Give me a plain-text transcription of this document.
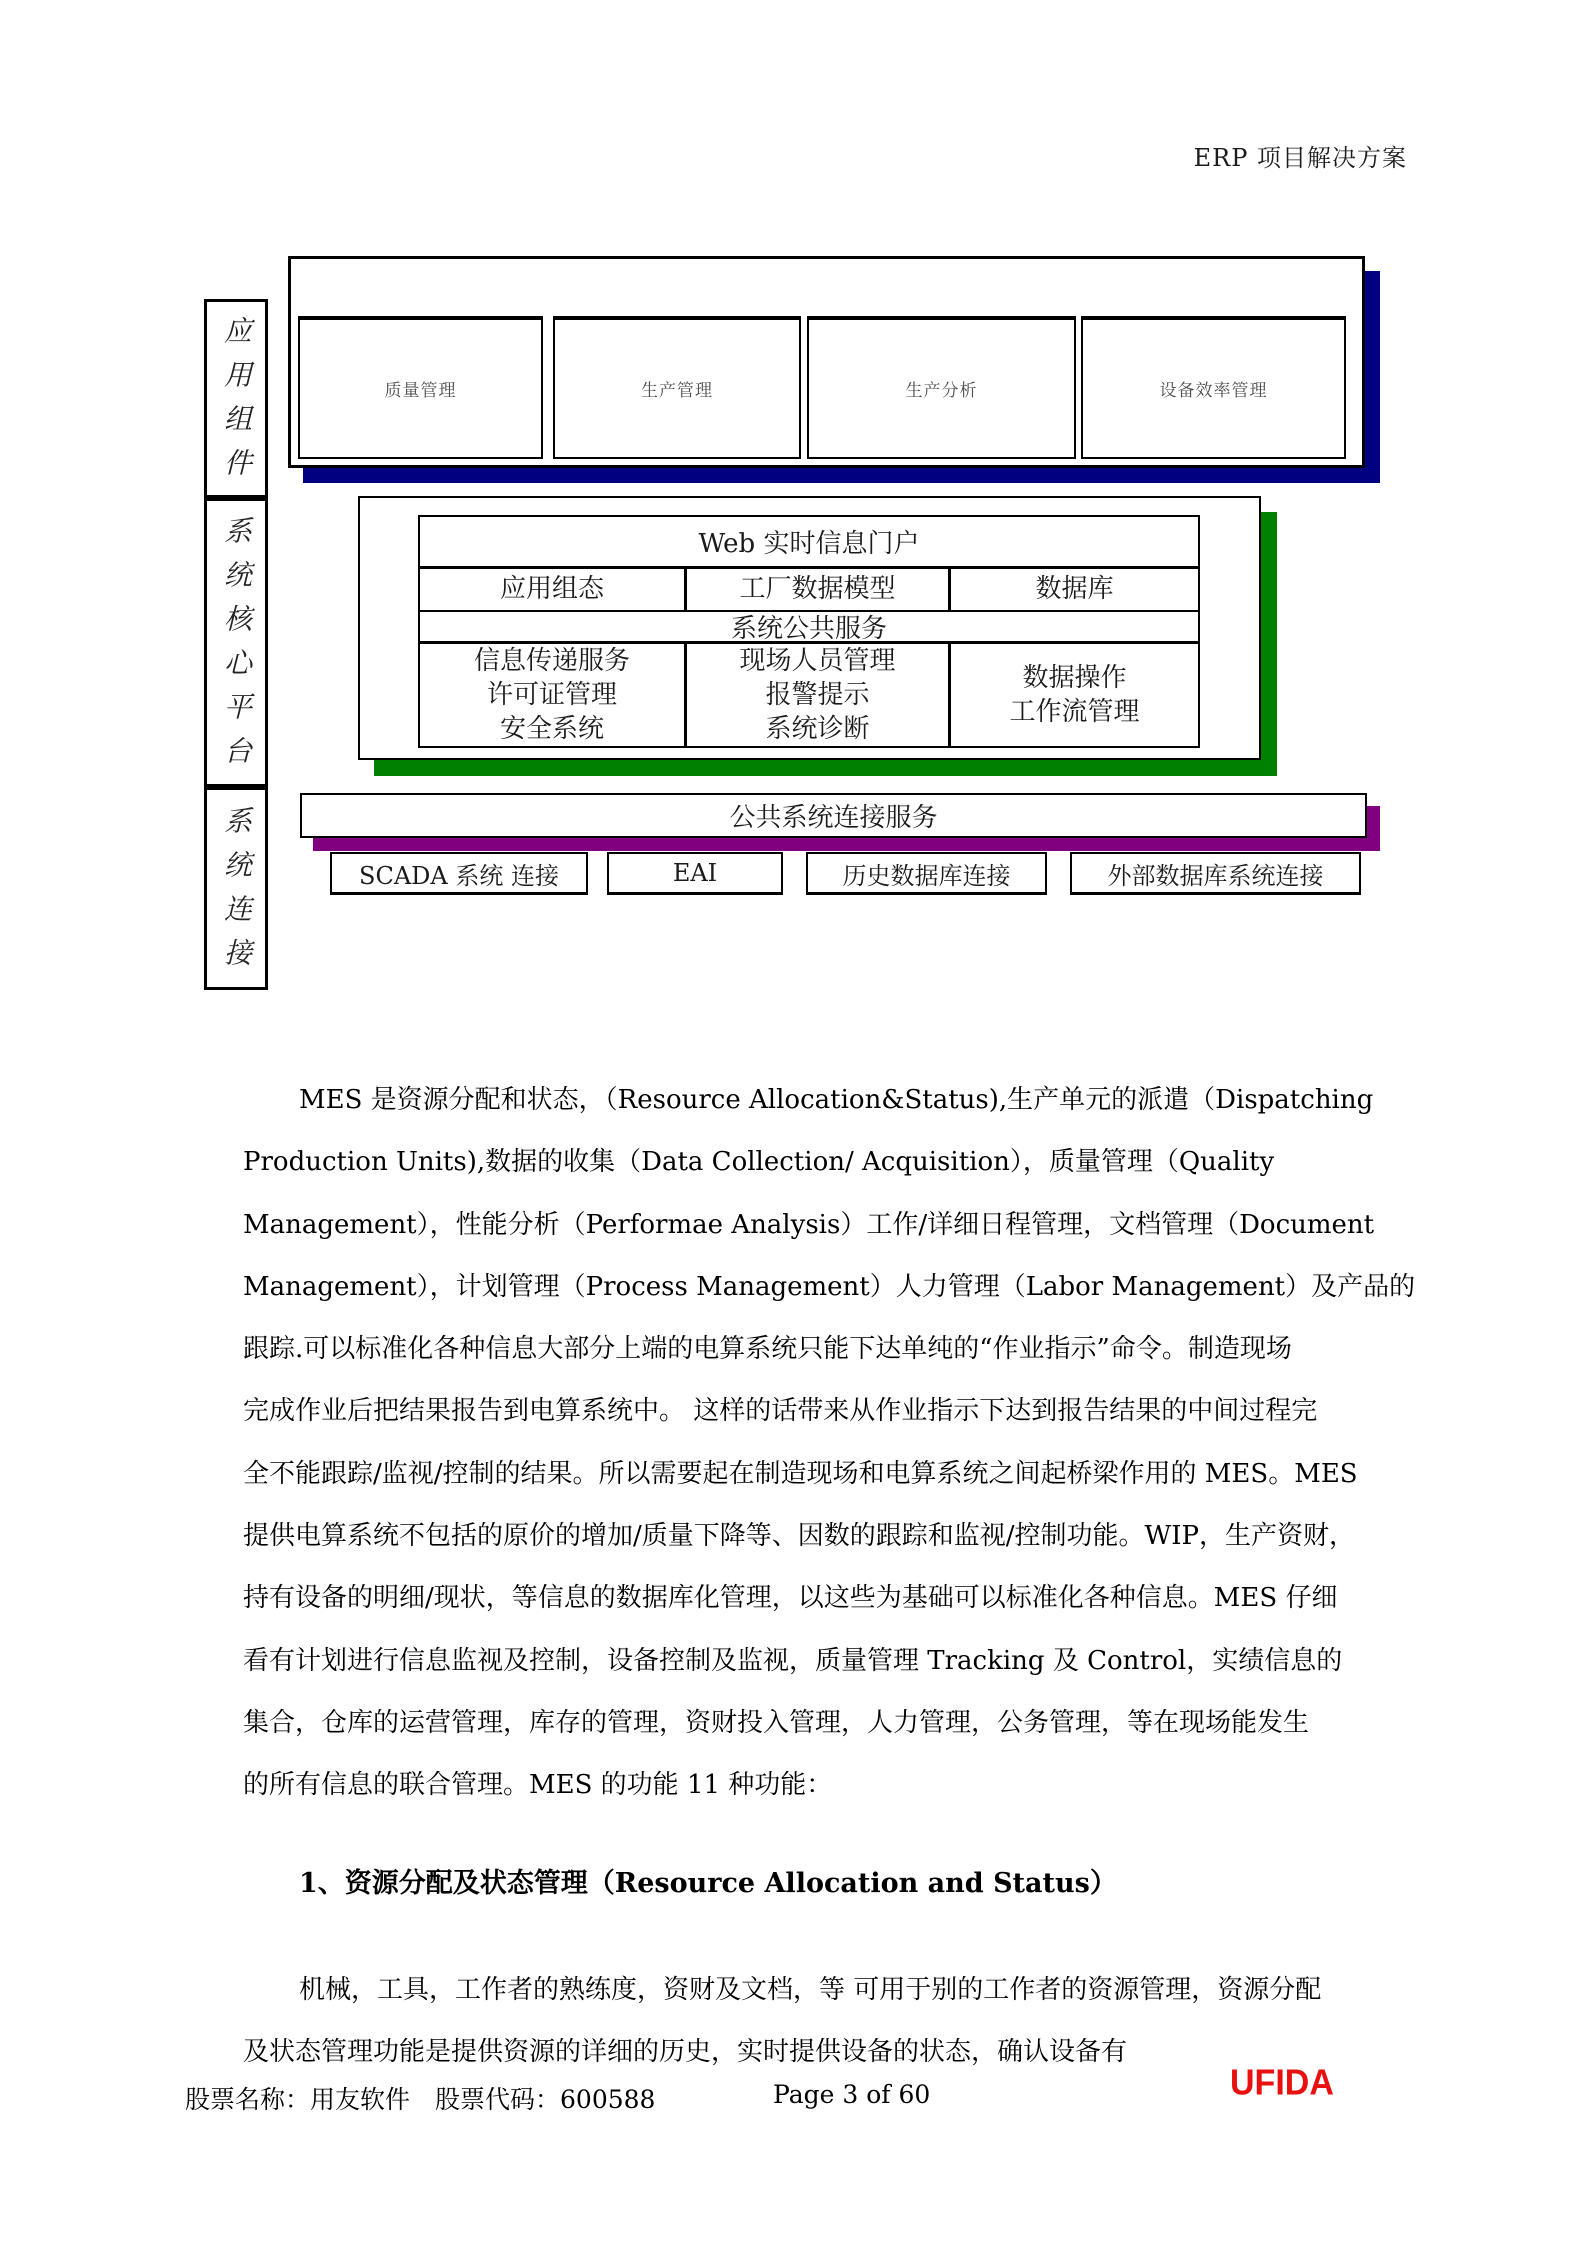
ERP 项目解决方案
应用组件
系统核心平台
系统连接
质量管理	生产管理	生产分析	设备效率管理
Web 实时信息门户
应用组态	工厂数据模型	数据库
系统公共服务
信息传递服务
许可证管理
安全系统
现场人员管理
报警提示
系统诊断
数据操作
工作流管理
公共系统连接服务
SCADA 系统 连接	EAI	历史数据库连接	外部数据库系统连接
MES 是资源分配和状态，（Resource Allocation&Status),生产单元的派遣（Dispatching
Production Units),数据的收集（Data Collection/ Acquisition），质量管理（Quality
Management），性能分析（Performae Analysis）工作/详细日程管理，文档管理（Document
Management），计划管理（Process Management）人力管理（Labor Management）及产品的
跟踪.可以标准化各种信息大部分上端的电算系统只能下达单纯的“作业指示”命令。制造现场
完成作业后把结果报告到电算系统中。 这样的话带来从作业指示下达到报告结果的中间过程完
全不能跟踪/监视/控制的结果。所以需要起在制造现场和电算系统之间起桥梁作用的 MES。MES
提供电算系统不包括的原价的增加/质量下降等、因数的跟踪和监视/控制功能。WIP，生产资财，
持有设备的明细/现状，等信息的数据库化管理，以这些为基础可以标准化各种信息。MES 仔细
看有计划进行信息监视及控制，设备控制及监视，质量管理 Tracking 及 Control，实绩信息的
集合，仓库的运营管理，库存的管理，资财投入管理，人力管理，公务管理，等在现场能发生
的所有信息的联合管理。MES 的功能 11 种功能：
1、资源分配及状态管理（Resource Allocation and Status）
机械，工具，工作者的熟练度，资财及文档，等 可用于别的工作者的资源管理，资源分配
及状态管理功能是提供资源的详细的历史，实时提供设备的状态，确认设备有
股票名称：用友软件　股票代码：600588	Page 3 of 60	UFIDA
